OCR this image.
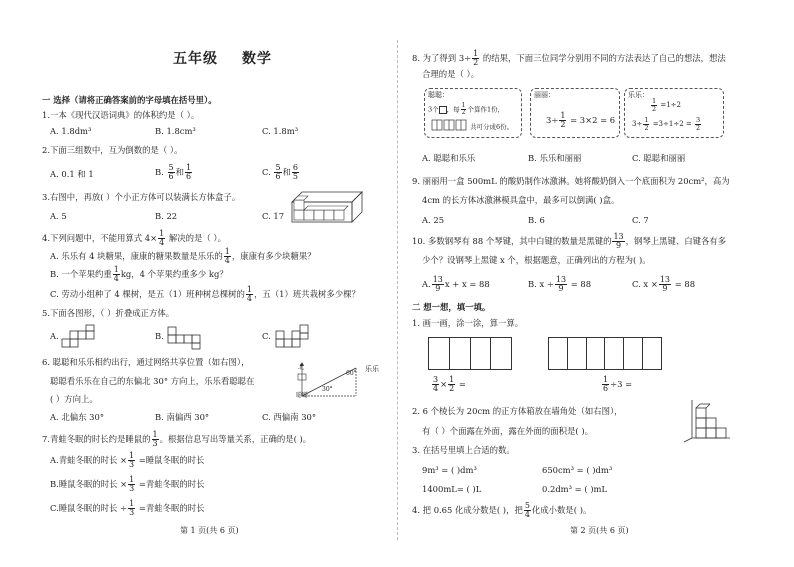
五年级 数学
一 选择（请将正确答案前的字母填在括号里）。
1.一本《现代汉语词典》的体积约是（ ）。
A. 1.8dm³	B. 1.8cm³	C. 1.8m³
2.下面三组数中，互为倒数的是（ ）。
A. 0.1 和 1	B. $\frac{5}{6}$ 和 $\frac{1}{6}$	C. $\frac{5}{6}$ 和 $\frac{6}{5}$
3.右图中，再放( ）个小正方体可以装满长方体盒子。
A. 5	B. 22	C. 17
4.下列问题中，不能用算式 $4\times \frac{1}{4}$ 解决的是（ ）。
A. 乐乐有 4 块糖果，康康的糖果数量是乐乐的 $\frac{1}{4}$ ，康康有多少块糖果？
B. 一个苹果约重 $\frac{1}{4}$ kg，4 个苹果约重多少 kg？
C. 劳动小组种了 4 棵树，是五（1）班种树总棵树的 $\frac{1}{4}$ ，五（1）班共栽树多少棵？
5.下面各图形，（ ）折叠成正方体。
A.	B.	C.
6. 聪聪和乐乐相约出行，通过网络共享位置（如右图），
聪聪看乐乐在自己的东偏北 30° 方向上，乐乐看聪聪在
( ）方向上。
A. 北偏东 30°	B. 南偏西 30°	C. 西偏南 30°
北	乐乐
聪聪
30°
60°
7.青蛙冬眠的时长约是睡鼠的 $\frac{1}{3}$ 。根据信息写出等量关系，正确的是( )。
A.青蛙冬眠的时长 × $\frac{1}{3}$ =睡鼠冬眠的时长
B.睡鼠冬眠的时长 × $\frac{1}{3}$ =青蛙冬眠的时长
C.睡鼠冬眠的时长 ÷ $\frac{1}{3}$ =青蛙冬眠的时长
第 1 页(共 6 页)
8. 为了得到 $3\div \frac{1}{2}$ 的结果，下面三位同学分别用不同的方法表达了自己的想法，想法
合理的是（ ）。
聪聪：
3个 ，每 $\frac{1}{2}$ 个算作1份，
共可分成6份。
丽丽：
$3\div \frac{1}{2} = 3\times 2 = 6$
乐乐：
$\frac{1}{2} =1\div 2$
$3\div \frac{1}{2} =3\div 1\div 2 = \frac{3}{2}$
A. 聪聪和乐乐	B. 乐乐和丽丽	C. 聪聪和丽丽
9. 丽丽用一盒 500mL 的酸奶制作冰激淋。她将酸奶倒入一个底面积为 20cm²，高为
4cm 的长方体冰激淋模具盒中，最多可以倒满( )盒。
A. 25	B. 6	C. 7
10. 多数钢琴有 88 个琴键，其中白键的数量是黑键的 $\frac{13}{9}$ ，钢琴上黑键、白键各有多
少个？设钢琴上黑键 x 个，根据题意，正确列出的方程为( )。
A. $\frac{13}{9}$ x + x = 88	B. $x \div \frac{13}{9} = 88$	C. $x \times \frac{13}{9} = 88$
二 想一想，填一填。
1. 画一画，涂一涂，算一算。
$\frac{3}{4} \times \frac{1}{2}$ =	$\frac{1}{6} \div 3$ =
2. 6 个棱长为 20cm 的正方体箱放在墙角处（如右图），
有（ ）个面露在外面，露在外面的面积是( )。
3. 在括号里填上合适的数。
9m³ = ( )dm³	650cm³ = ( )dm³
1400mL= ( )L	0.2dm³ = ( )mL
4. 把 0.65 化成分数是( )，把 $\frac{5}{4}$ 化成小数是( )。
第 2 页(共 6 页)
